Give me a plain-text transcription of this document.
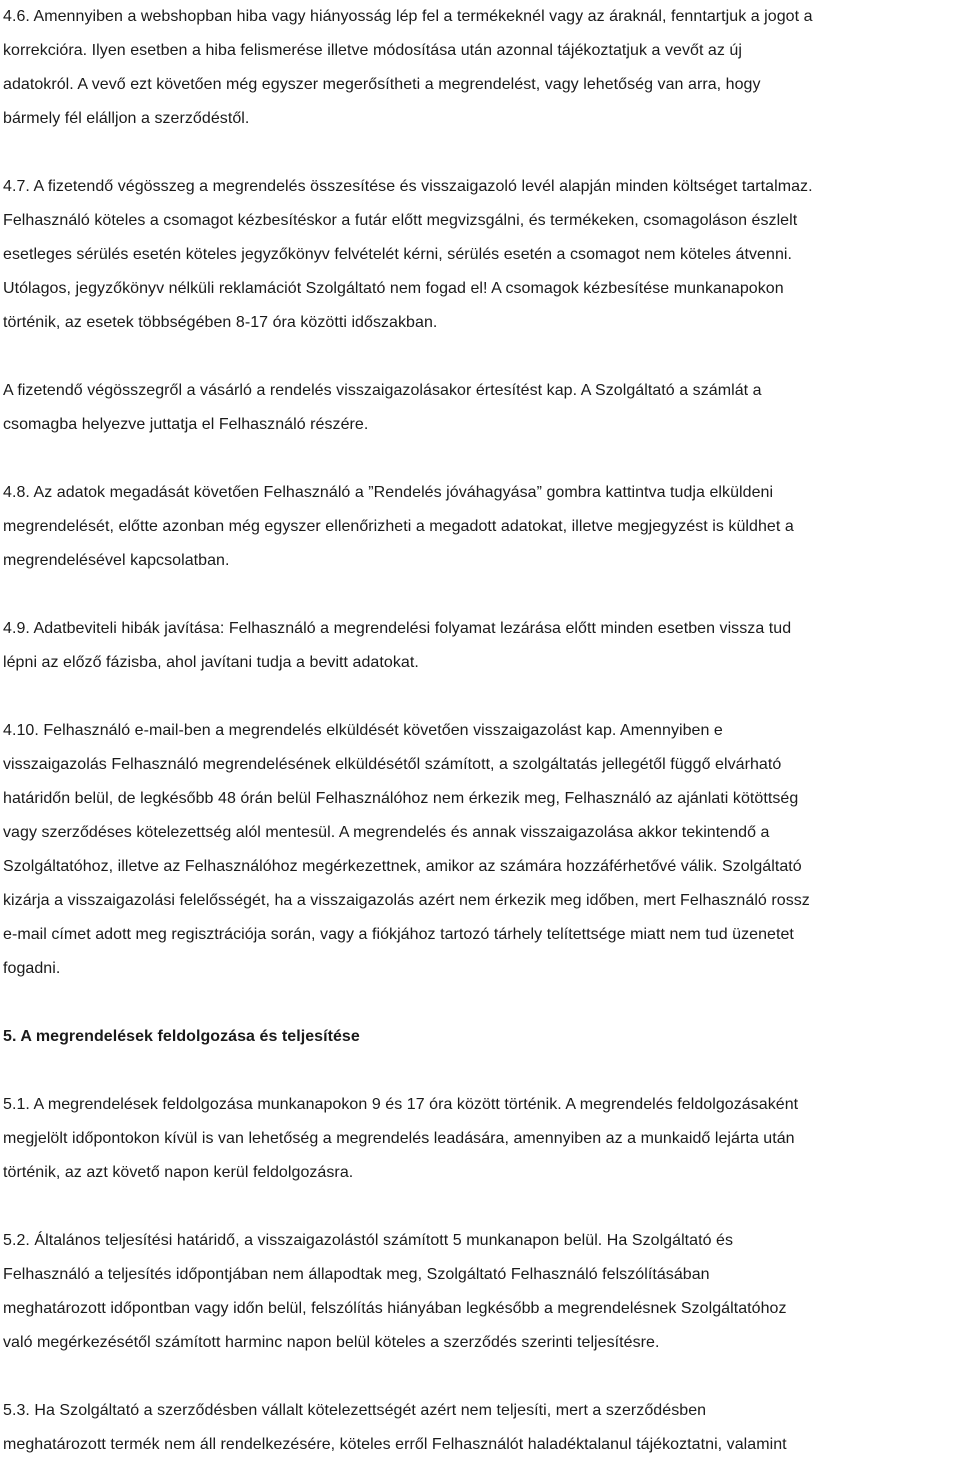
4.6. Amennyiben a webshopban hiba vagy hiányosság lép fel a termékeknél vagy az áraknál, fenntartjuk a jogot a
korrekcióra. Ilyen esetben a hiba felismerése illetve módosítása után azonnal tájékoztatjuk a vevőt az új
adatokról. A vevő ezt követően még egyszer megerősítheti a megrendelést, vagy lehetőség van arra, hogy
bármely fél elálljon a szerződéstől.
4.7. A fizetendő végösszeg a megrendelés összesítése és visszaigazoló levél alapján minden költséget tartalmaz.
Felhasználó köteles a csomagot kézbesítéskor a futár előtt megvizsgálni, és termékeken, csomagoláson észlelt
esetleges sérülés esetén köteles jegyzőkönyv felvételét kérni, sérülés esetén a csomagot nem köteles átvenni.
Utólagos, jegyzőkönyv nélküli reklamációt Szolgáltató nem fogad el! A csomagok kézbesítése munkanapokon
történik, az esetek többségében 8-17 óra közötti időszakban.
A fizetendő végösszegről a vásárló a rendelés visszaigazolásakor értesítést kap. A Szolgáltató a számlát a
csomagba helyezve juttatja el Felhasználó részére.
4.8. Az adatok megadását követően Felhasználó a ”Rendelés jóváhagyása” gombra kattintva tudja elküldeni
megrendelését, előtte azonban még egyszer ellenőrizheti a megadott adatokat, illetve megjegyzést is küldhet a
megrendelésével kapcsolatban.
4.9. Adatbeviteli hibák javítása: Felhasználó a megrendelési folyamat lezárása előtt minden esetben vissza tud
lépni az előző fázisba, ahol javítani tudja a bevitt adatokat.
4.10. Felhasználó e-mail-ben a megrendelés elküldését követően visszaigazolást kap. Amennyiben e
visszaigazolás Felhasználó megrendelésének elküldésétől számított, a szolgáltatás jellegétől függő elvárható
határidőn belül, de legkésőbb 48 órán belül Felhasználóhoz nem érkezik meg, Felhasználó az ajánlati kötöttség
vagy szerződéses kötelezettség alól mentesül. A megrendelés és annak visszaigazolása akkor tekintendő a
Szolgáltatóhoz, illetve az Felhasználóhoz megérkezettnek, amikor az számára hozzáférhetővé válik. Szolgáltató
kizárja a visszaigazolási felelősségét, ha a visszaigazolás azért nem érkezik meg időben, mert Felhasználó rossz
e-mail címet adott meg regisztrációja során, vagy a fiókjához tartozó tárhely telítettsége miatt nem tud üzenetet
fogadni.
5. A megrendelések feldolgozása és teljesítése
5.1. A megrendelések feldolgozása munkanapokon 9 és 17 óra között történik. A megrendelés feldolgozásaként
megjelölt időpontokon kívül is van lehetőség a megrendelés leadására, amennyiben az a munkaidő lejárta után
történik, az azt követő napon kerül feldolgozásra.
5.2. Általános teljesítési határidő, a visszaigazolástól számított 5 munkanapon belül. Ha Szolgáltató és
Felhasználó a teljesítés időpontjában nem állapodtak meg, Szolgáltató Felhasználó felszólításában
meghatározott időpontban vagy időn belül, felszólítás hiányában legkésőbb a megrendelésnek Szolgáltatóhoz
való megérkezésétől számított harminc napon belül köteles a szerződés szerinti teljesítésre.
5.3. Ha Szolgáltató a szerződésben vállalt kötelezettségét azért nem teljesíti, mert a szerződésben
meghatározott termék nem áll rendelkezésére, köteles erről Felhasználót haladéktalanul tájékoztatni, valamint
